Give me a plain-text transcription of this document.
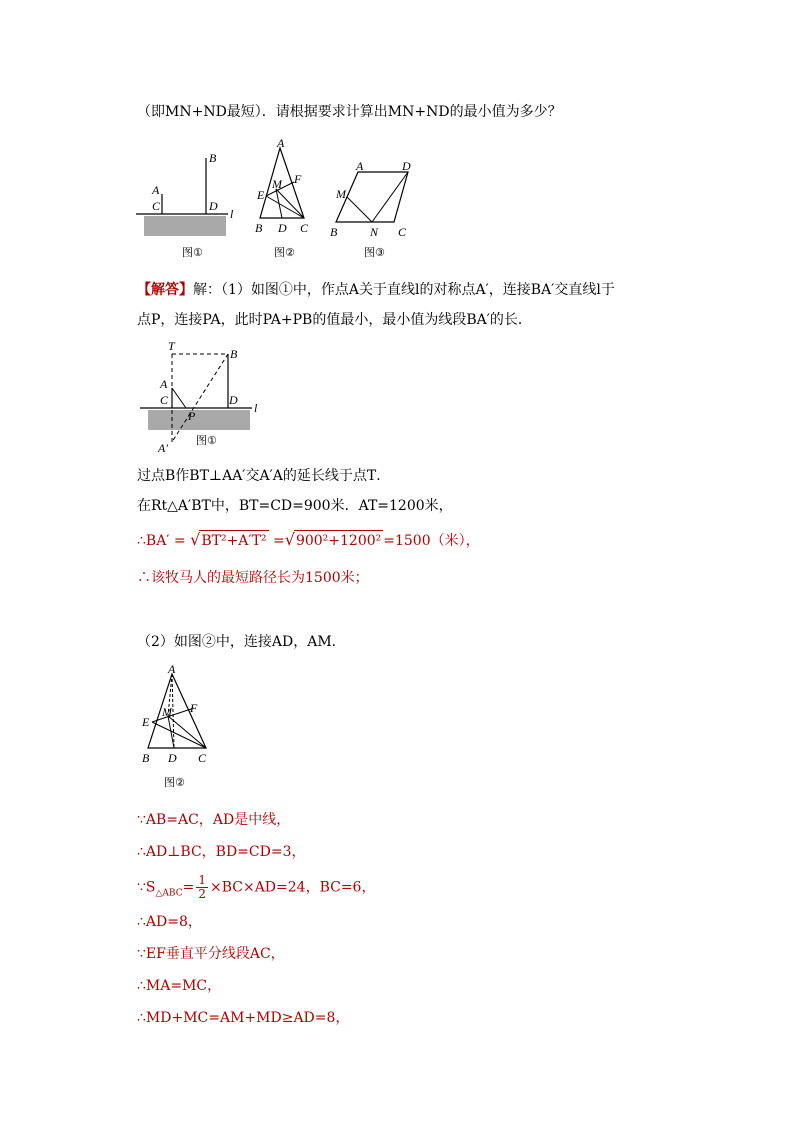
（即MN+ND最短）．请根据要求计算出MN+ND的最小值为多少？
A
C
B
D
l
图①
A
E
M F
B D C
图②
A	D
M
B	N C
图③
【解答】解：（1）如图①中，作点A关于直线l的对称点A′，连接BA′交直线l于
点P，连接PA，此时PA+PB的值最小，最小值为线段BA′的长．
T
B
A
C
P
D
l
A′
图①
过点B作BT⊥AA′交A′A的延长线于点T．
在Rt△A′BT中，BT=CD=900米．AT=1200米，
∴BA′ = √BT²+A′T² =√900²+1200² =1500（米），
∴该牧马人的最短路径长为1500米；
（2）如图②中，连接AD，AM．
A
E
M F
B D C
图②
∵AB=AC，AD是中线，
∴AD⊥BC，BD=CD=3，
$\because S_{\triangle ABC}= \frac{1}{2} \times BC\times AD=24$，BC=6，
∴AD=8，
∵EF垂直平分线段AC，
∴MA=MC，
∴MD+MC=AM+MD≥AD=8，
